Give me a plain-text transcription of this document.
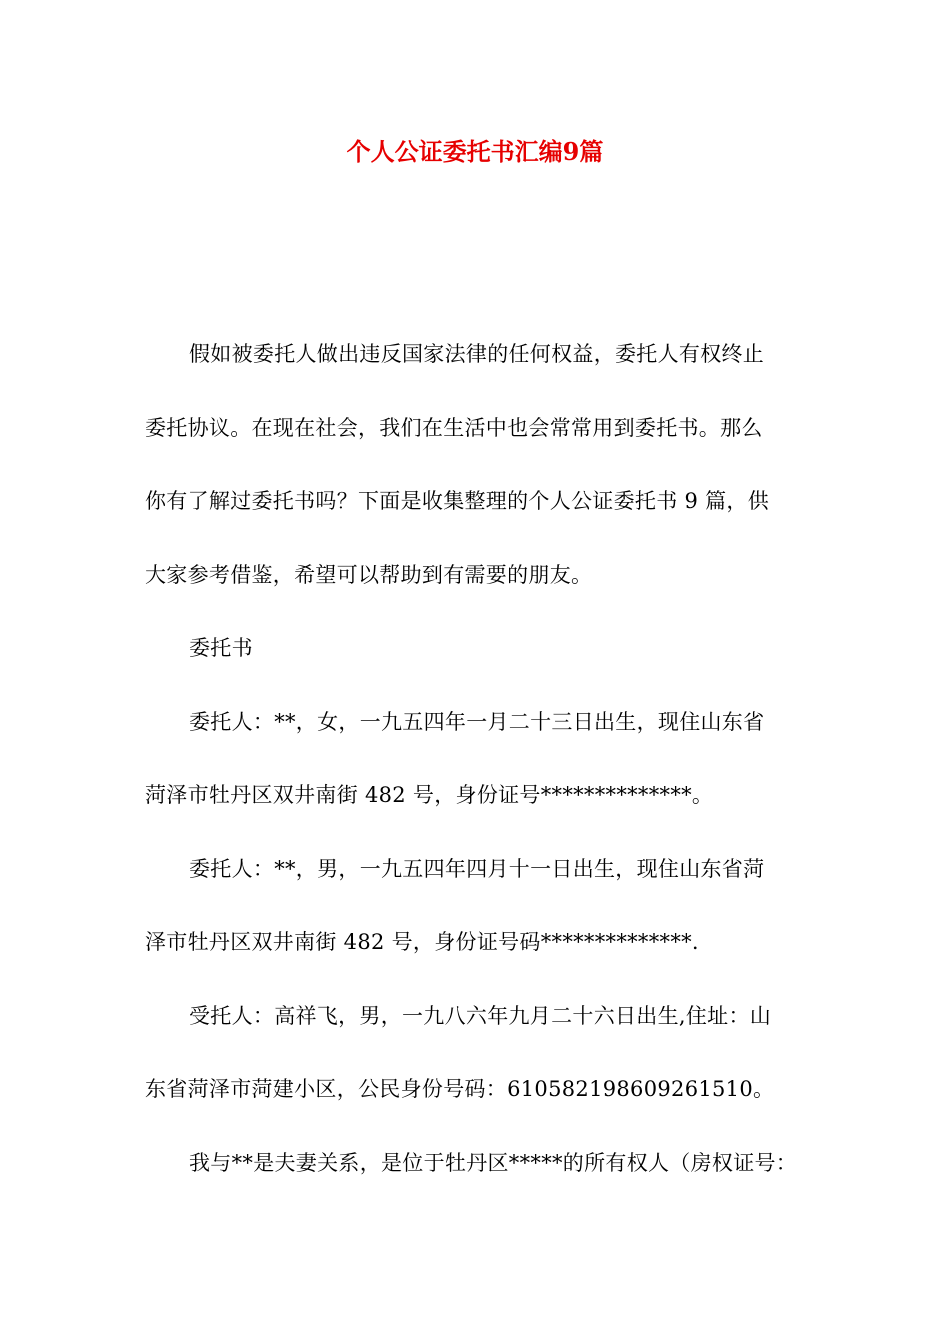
个人公证委托书汇编9篇

假如被委托人做出违反国家法律的任何权益，委托人有权终止
委托协议。在现在社会，我们在生活中也会常常用到委托书。那么
你有了解过委托书吗？下面是收集整理的个人公证委托书 9 篇，供
大家参考借鉴，希望可以帮助到有需要的朋友。

委托书

委托人：**，女，一九五四年一月二十三日出生，现住山东省
菏泽市牡丹区双井南街 482 号，身份证号**************。

委托人：**，男，一九五四年四月十一日出生，现住山东省菏
泽市牡丹区双井南街 482 号，身份证号码**************.

受托人：高祥飞，男，一九八六年九月二十六日出生,住址：山
东省菏泽市菏建小区，公民身份号码：610582198609261510。

我与**是夫妻关系，是位于牡丹区*****的所有权人（房权证号：
